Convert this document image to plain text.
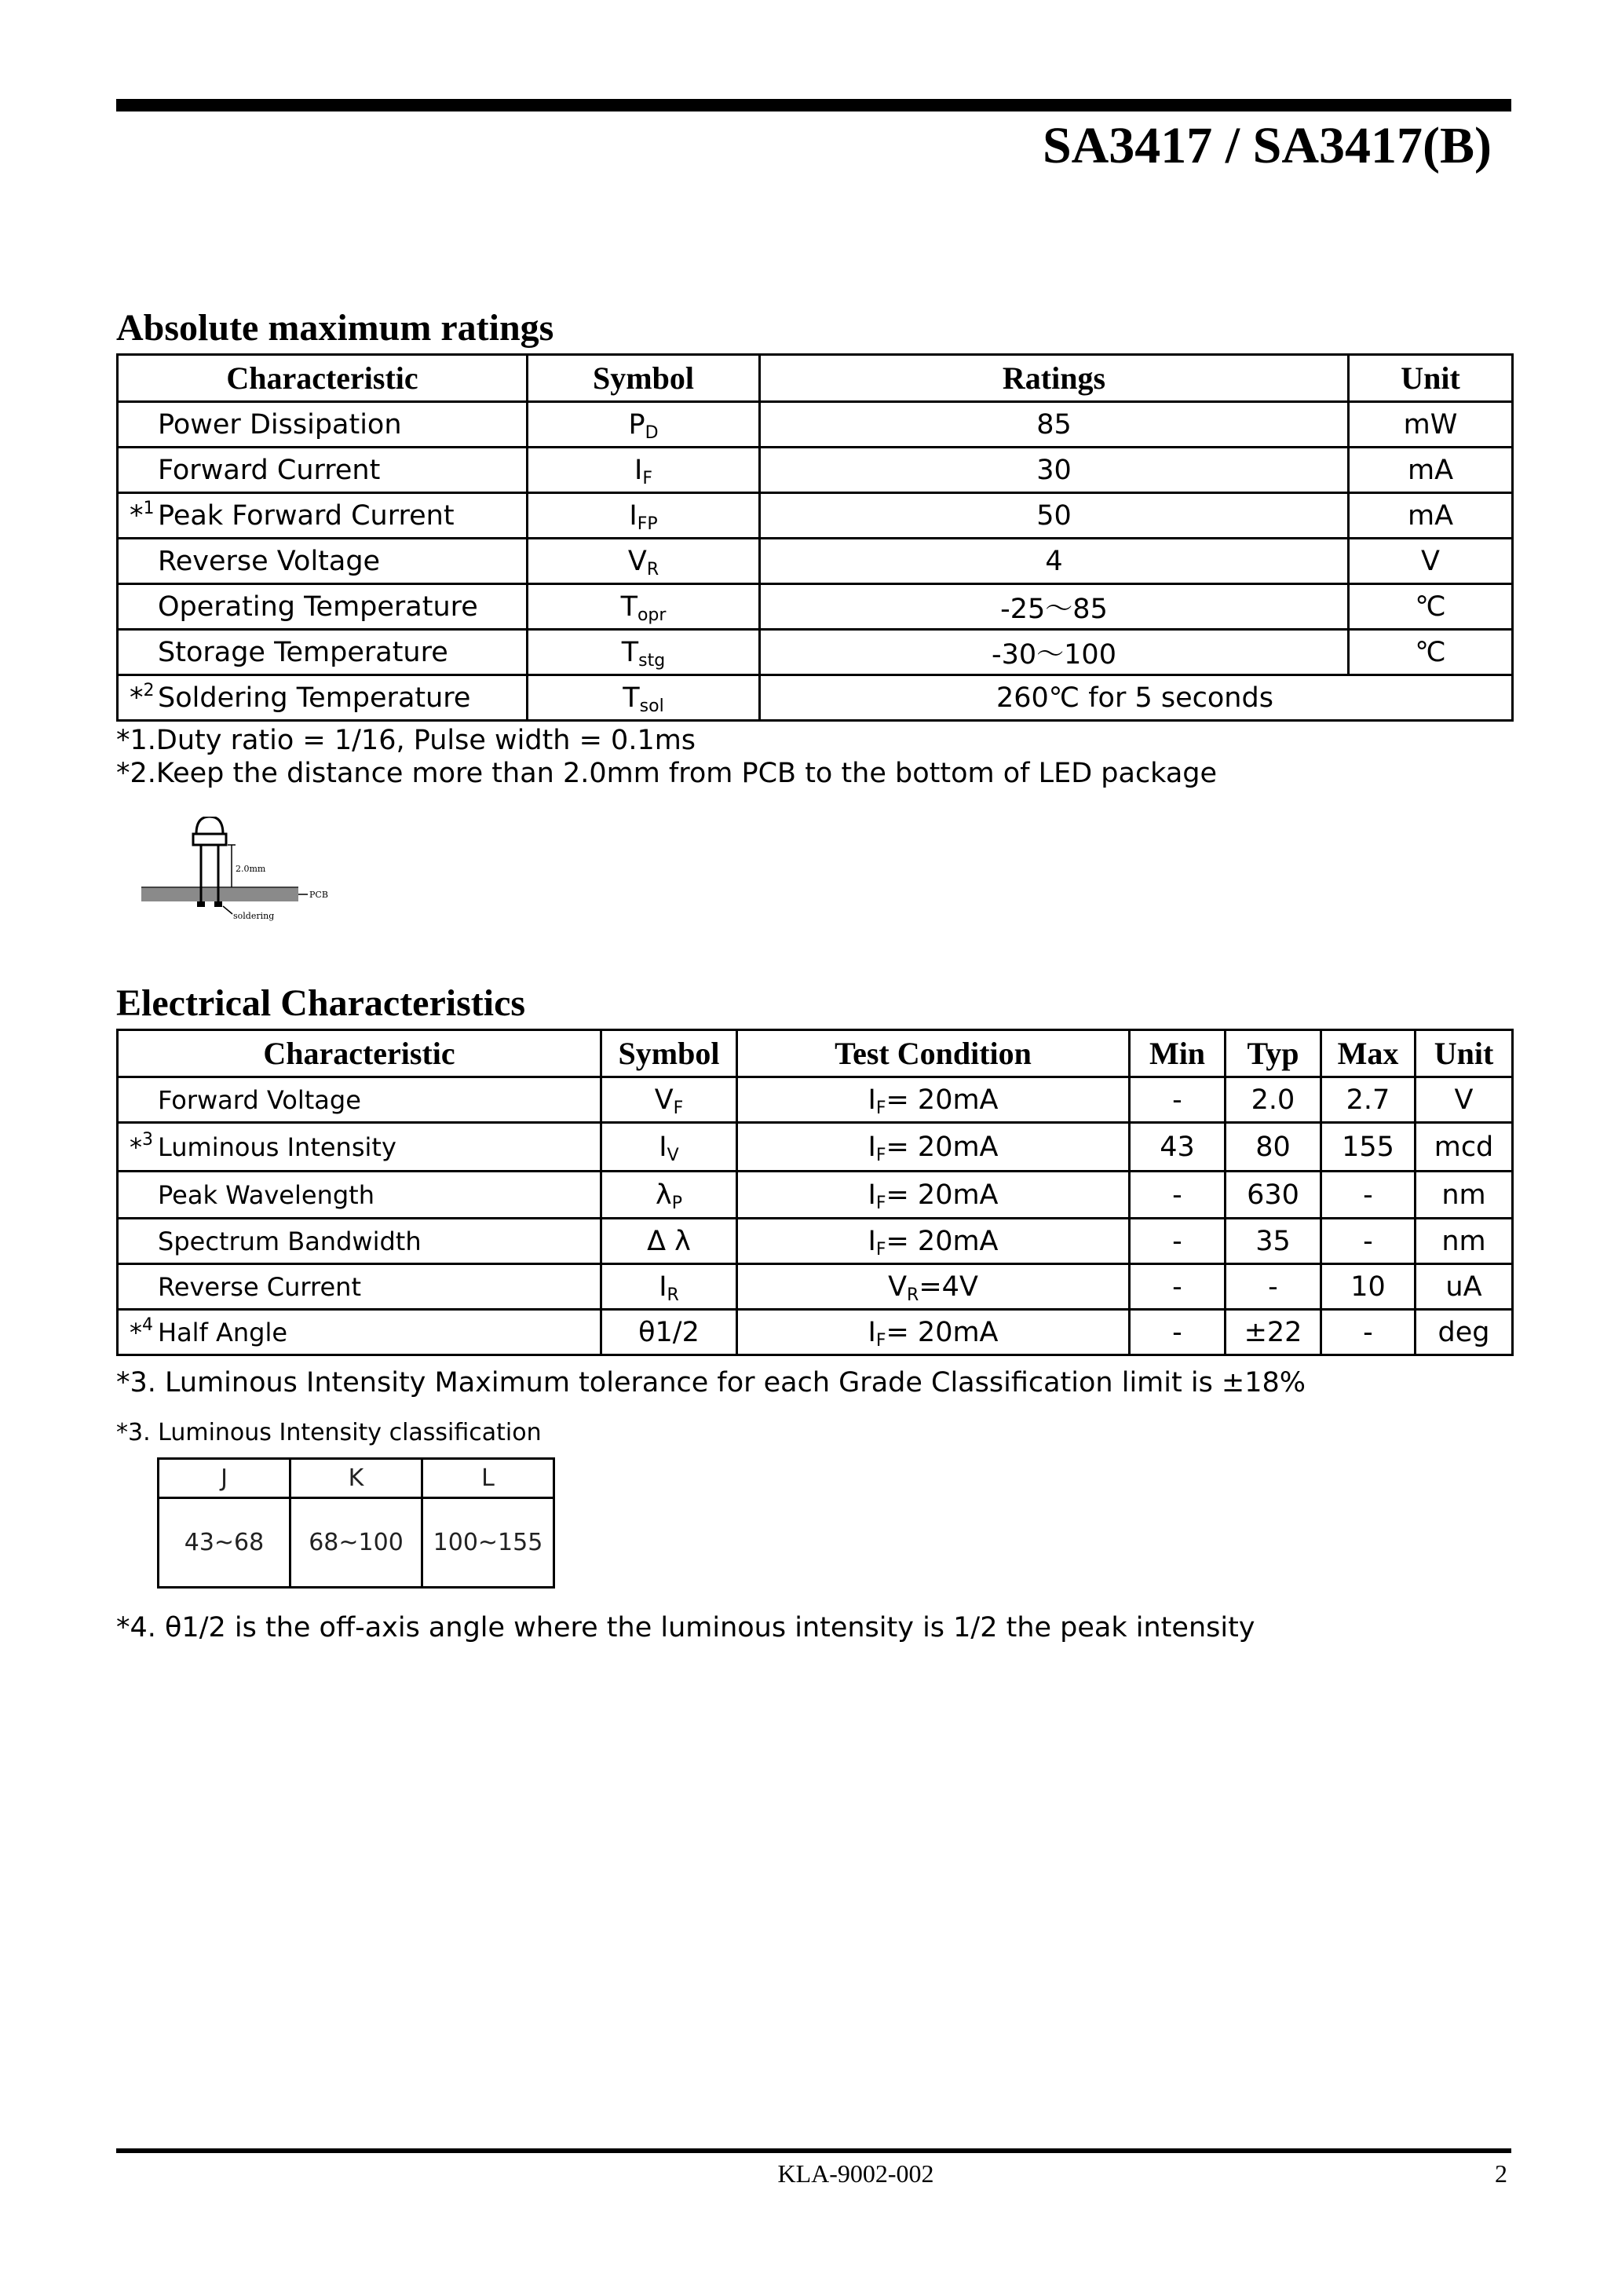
SA3417 / SA3417(B)
Absolute maximum ratings
Characteristic	Symbol	Ratings	Unit
Power Dissipation	$P_D$	85	mW
Forward Current	$I_F$	30	mA
*$^1$ Peak Forward Current	$I_{FP}$	50	mA
Reverse Voltage	$V_R$	4	V
Operating Temperature	$T_{opr}$	-25～85	℃
Storage Temperature	$T_{stg}$	-30～100	℃
*$^2$ Soldering Temperature	$T_{sol}$	260℃ for 5 seconds	
*1.Duty ratio = 1/16, Pulse width = 0.1ms
*2.Keep the distance more than 2.0mm from PCB to the bottom of LED package
2.0mm
PCB
soldering
Electrical Characteristics
Characteristic	Symbol	Test Condition	Min	Typ	Max	Unit
Forward Voltage	$V_F$	$I_F= 20mA$	-	2.0	2.7	V
*$^3$ Luminous Intensity	$I_V$	$I_F= 20mA$	43	80	155	mcd
Peak Wavelength	$\lambda_P$	$I_F= 20mA$	-	630	-	nm
Spectrum Bandwidth	Δ λ	$I_F= 20mA$	-	35	-	nm
Reverse Current	$I_R$	$V_R=4V$	-	-	10	uA
*$^4$ Half Angle	θ1/2	$I_F= 20mA$	-	±22	-	deg
*3. Luminous Intensity Maximum tolerance for each Grade Classification limit is ±18%
*3. Luminous Intensity classification
J	K	L
43~68	68~100	100~155
*4. θ1/2 is the off-axis angle where the luminous intensity is 1/2 the peak intensity
KLA-9002-002	2
